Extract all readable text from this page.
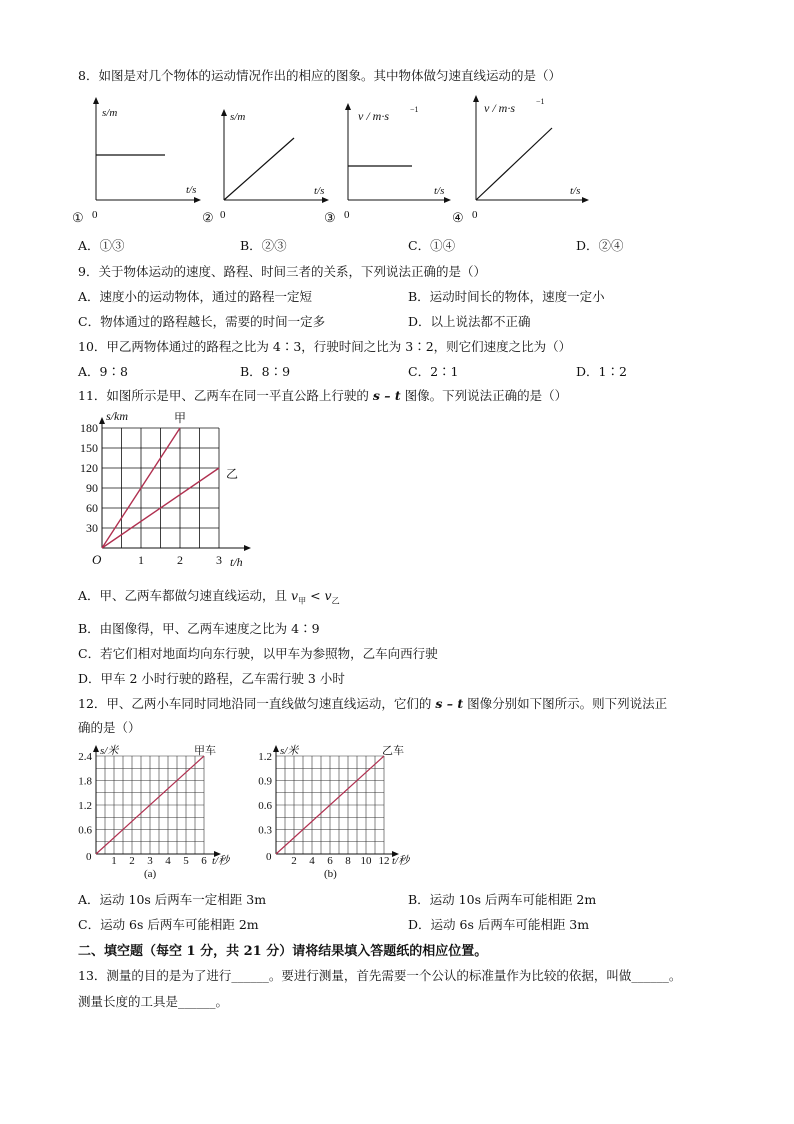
8．如图是对几个物体的运动情况作出的相应的图象。其中物体做匀速直线运动的是（）
s/m
t/s
0
①
s/m
t/s
0
②
v / m·s	−1
t/s
0
③
v / m·s	−1
t/s
0
④
A．①③	B．②③	C．①④	D．②④
9．关于物体运动的速度、路程、时间三者的关系，下列说法正确的是（）
A．速度小的运动物体，通过的路程一定短	B．运动时间长的物体，速度一定小
C．物体通过的路程越长，需要的时间一定多	D．以上说法都不正确
10．甲乙两物体通过的路程之比为 4∶3，行驶时间之比为 3∶2，则它们速度之比为（）
A．9∶8	B．8∶9	C．2∶1	D．1∶2
11．如图所示是甲、乙两车在同一平直公路上行驶的 s – t 图像。下列说法正确的是（）
180
150
120
90
60
30
1	2	3
s/km
t/h
O
甲
乙
A．甲、乙两车都做匀速直线运动，且 $v_甲 < v_乙$
B．由图像得，甲、乙两车速度之比为 4∶9
C．若它们相对地面均向东行驶，以甲车为参照物，乙车向西行驶
D．甲车 2 小时行驶的路程，乙车需行驶 3 小时
12．甲、乙两小车同时同地沿同一直线做匀速直线运动，它们的 s – t 图像分别如下图所示。则下列说法正
确的是（）
2.4
1.8
1.2
0.6
1 2 3 4 5 6
s/米
t/秒
0
甲车
(a)
1.2
0.9
0.6
0.3
2 4 6 8 10 12
s/米
t/秒
0
乙车
(b)
A．运动 10s 后两车一定相距 3m	B．运动 10s 后两车可能相距 2m
C．运动 6s 后两车可能相距 2m	D．运动 6s 后两车可能相距 3m
二、填空题（每空 1 分，共 21 分）请将结果填入答题纸的相应位置。
13．测量的目的是为了进行______。要进行测量，首先需要一个公认的标准量作为比较的依据，叫做______。
测量长度的工具是______。
